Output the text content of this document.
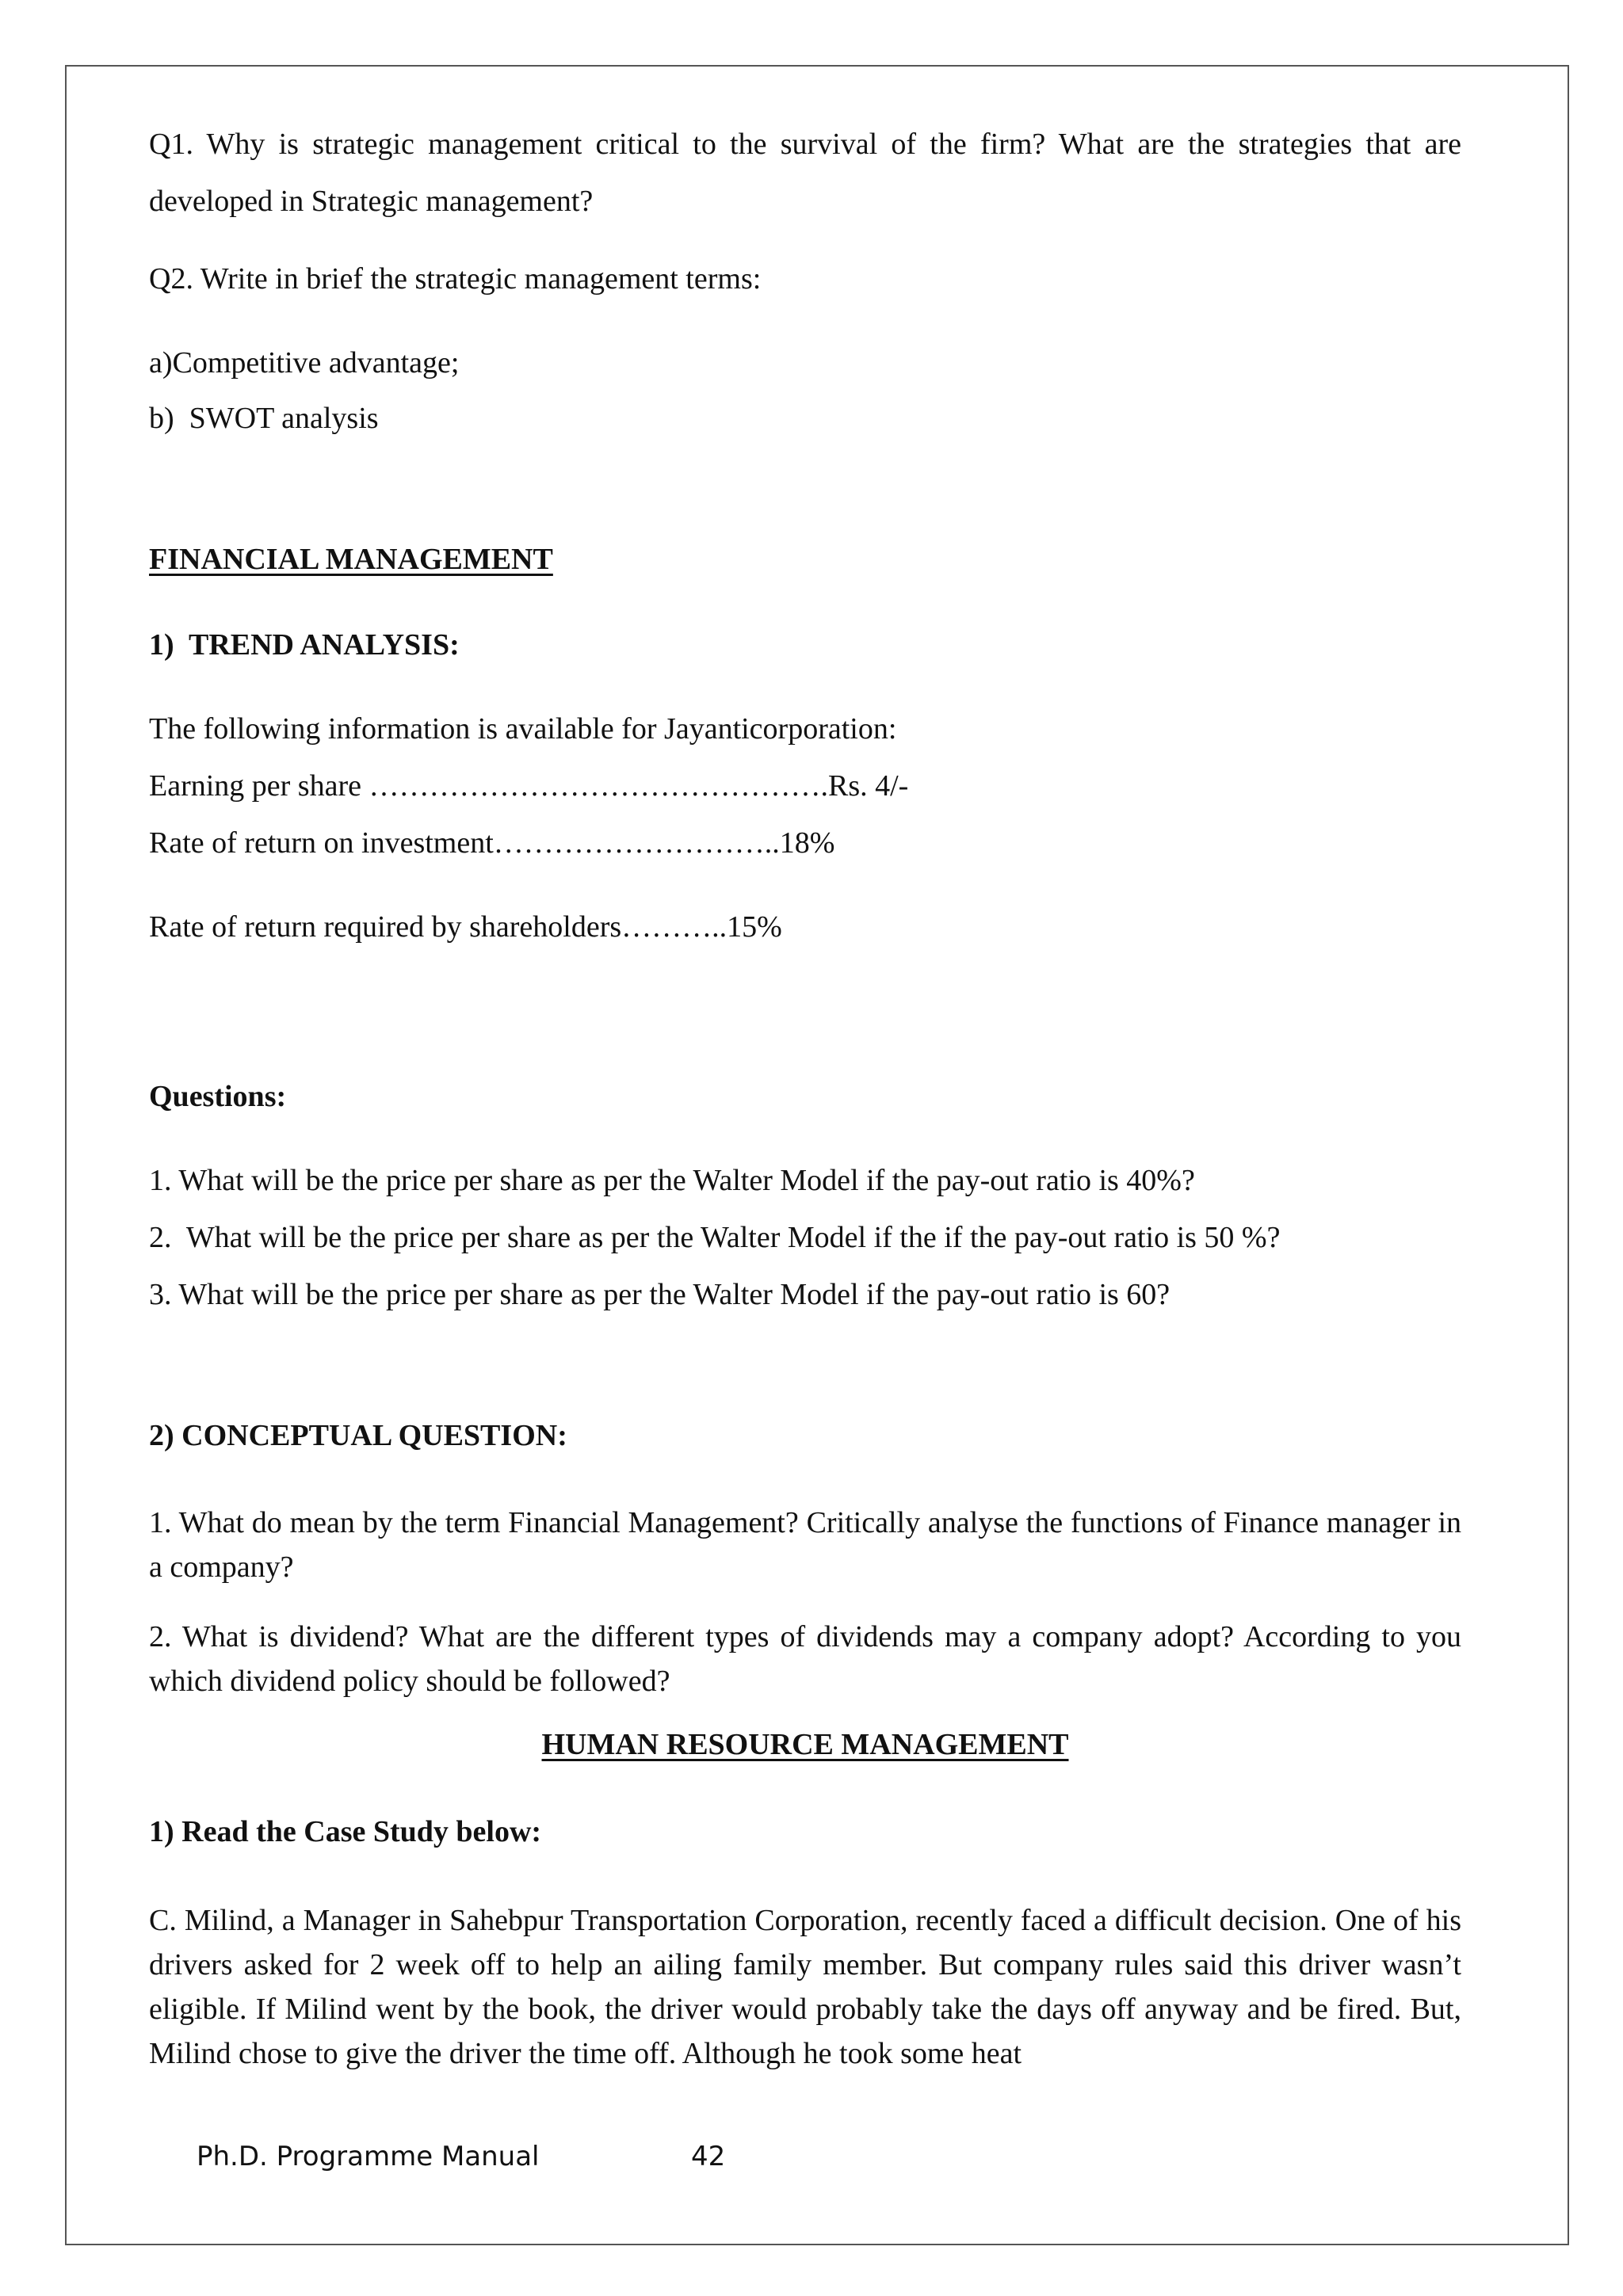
Q1. Why is strategic management critical to the survival of the firm? What are the strategies that are developed in Strategic management?

Q2. Write in brief the strategic management terms:
a)Competitive advantage;
b)  SWOT analysis
FINANCIAL MANAGEMENT
1)  TREND ANALYSIS:
The following information is available for Jayanticorporation:
Earning per share ……………………………………….Rs. 4/-
Rate of return on investment………………………..18%
Rate of return required by shareholders………..15%
Questions:
1. What will be the price per share as per the Walter Model if the pay-out ratio is 40%?
2.  What will be the price per share as per the Walter Model if the if the pay-out ratio is 50 %?
3. What will be the price per share as per the Walter Model if the pay-out ratio is 60?
2) CONCEPTUAL QUESTION:

1. What do mean by the term Financial Management? Critically analyse the functions of Finance manager in a company?

2. What is dividend? What are the different types of dividends may a company adopt? According to you which dividend policy should be followed?

HUMAN RESOURCE MANAGEMENT
1) Read the Case Study below:

C. Milind, a Manager in Sahebpur Transportation Corporation, recently faced a difficult decision. One of his drivers asked for 2 week off to help an ailing family member. But company rules said this driver wasn’t eligible. If Milind went by the book, the driver would probably take the days off anyway and be fired. But, Milind chose to give the driver the time off. Although he took some heat

Ph.D. Programme Manual	42
